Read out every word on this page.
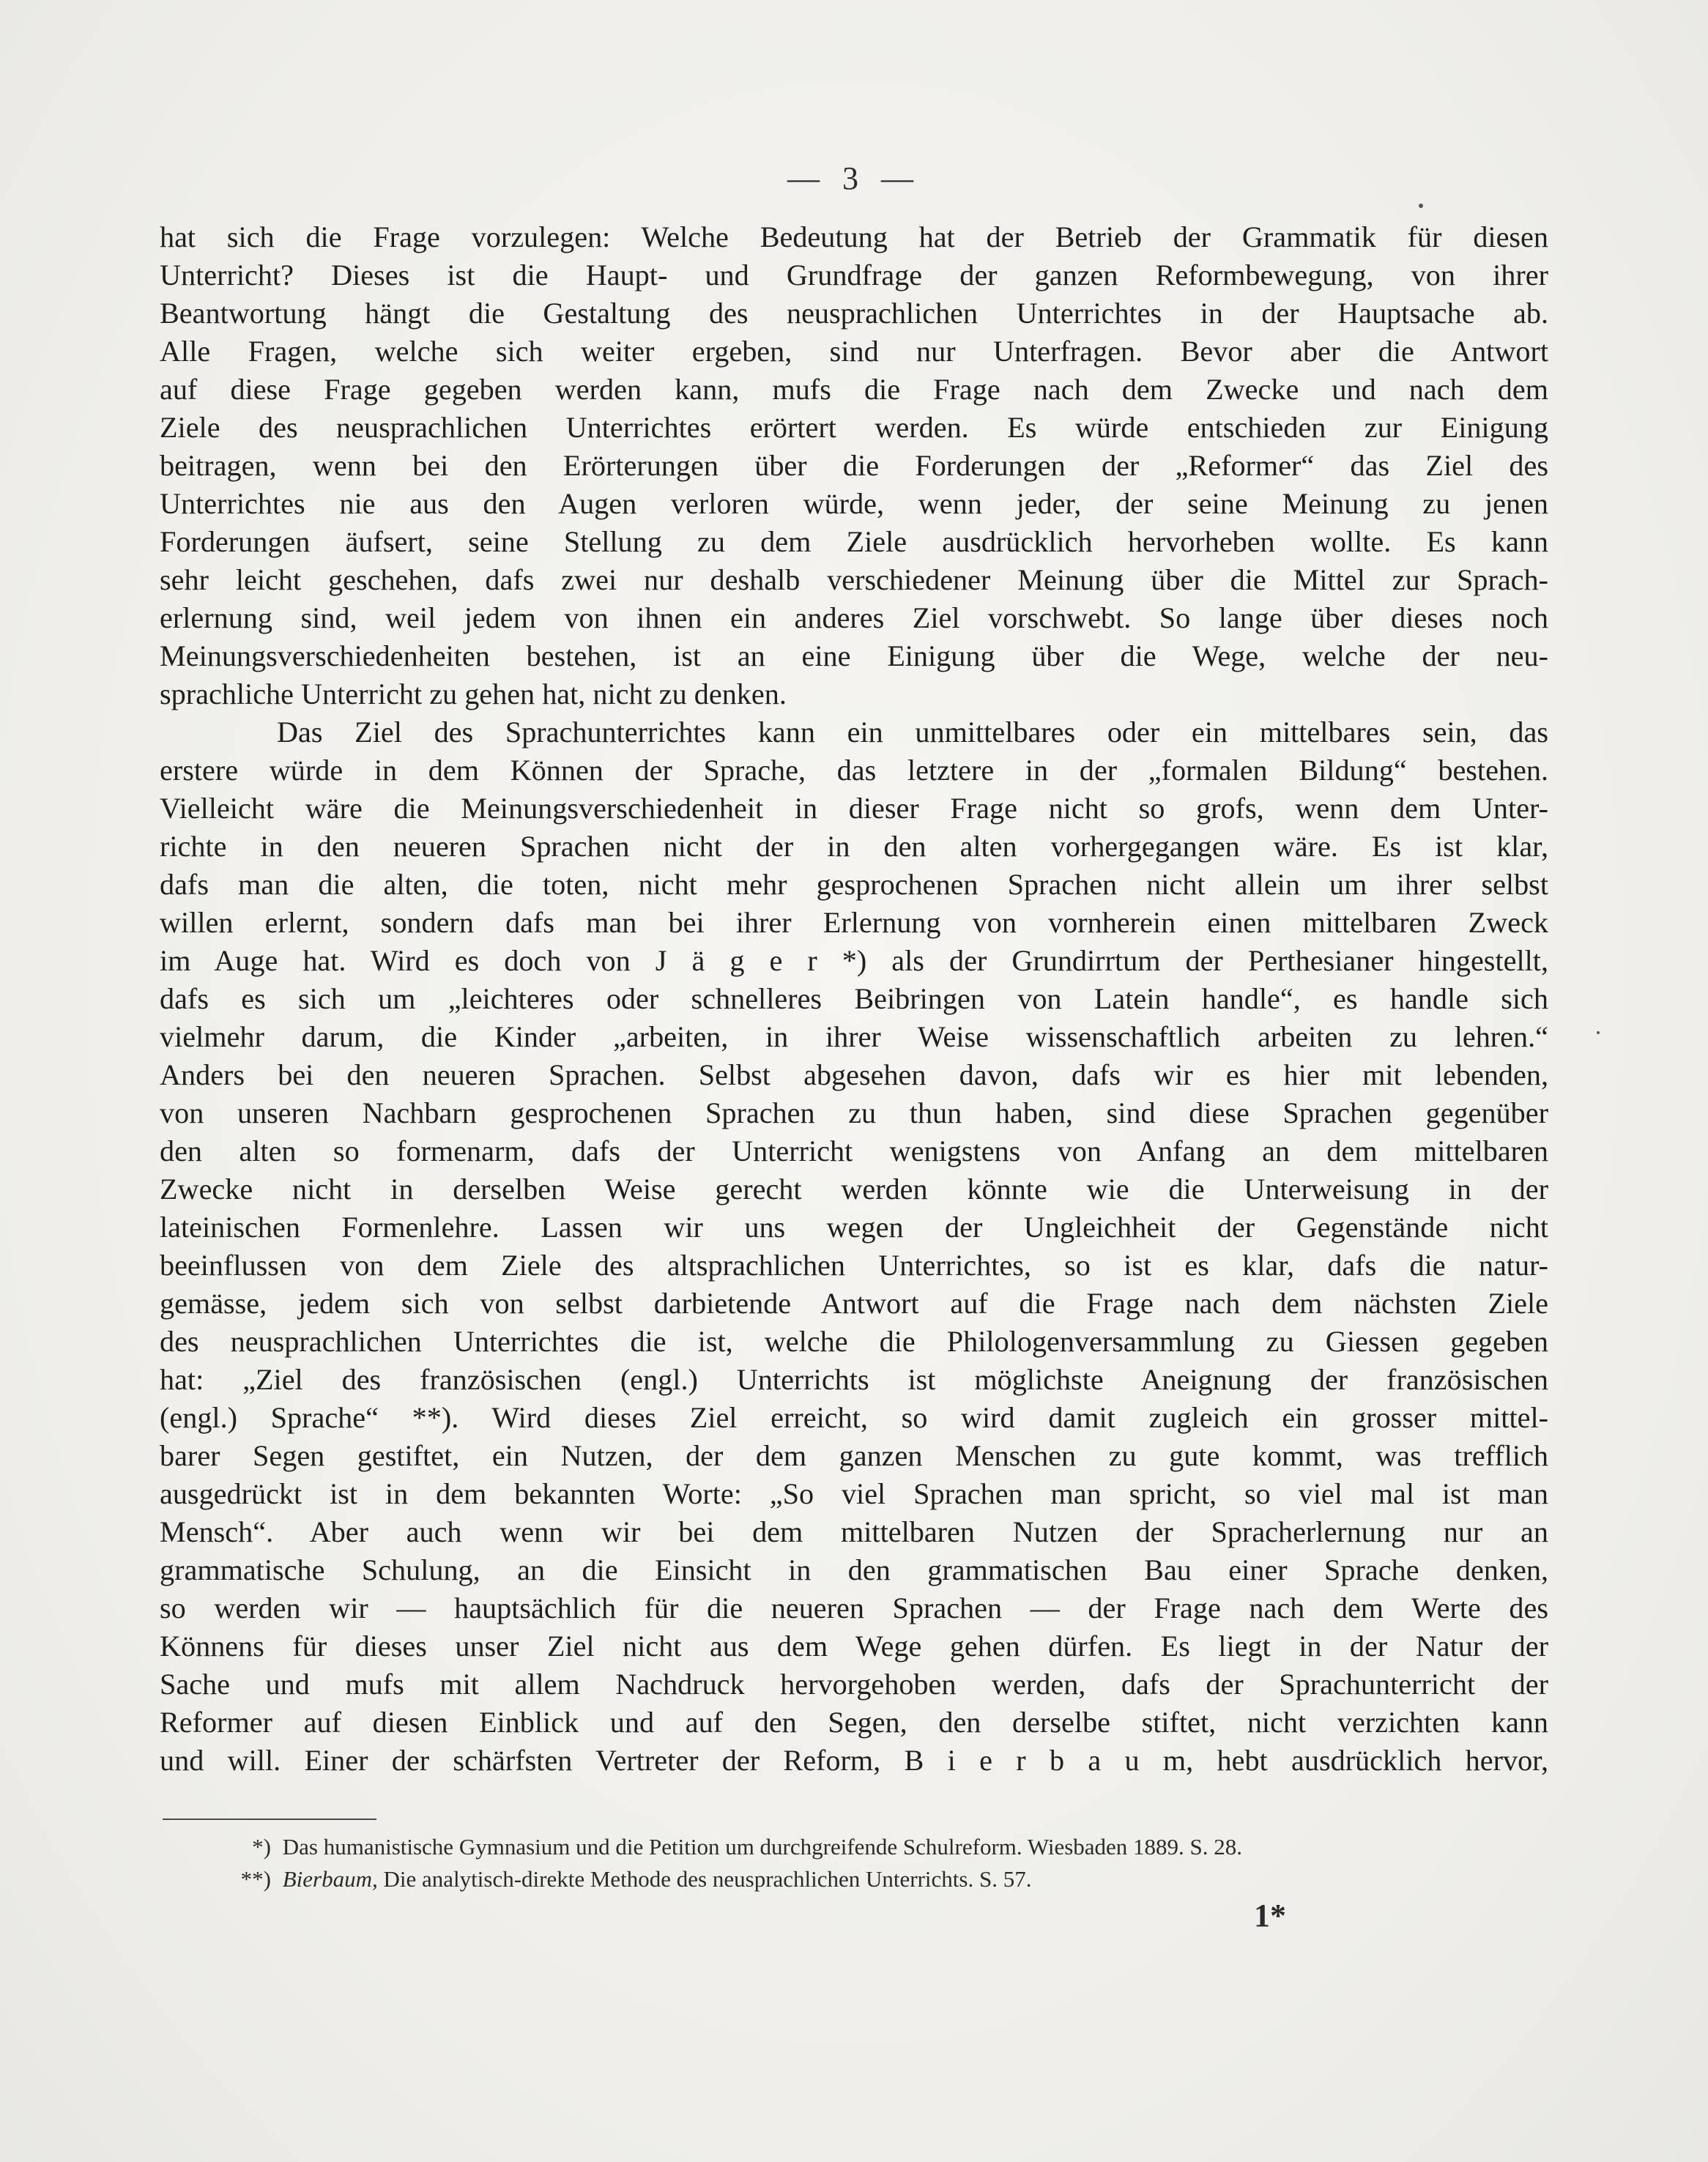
— 3 —

hat sich die Frage vorzulegen: Welche Bedeutung hat der Betrieb der Grammatik für diesen
Unterricht? Dieses ist die Haupt- und Grundfrage der ganzen Reformbewegung, von ihrer
Beantwortung hängt die Gestaltung des neusprachlichen Unterrichtes in der Hauptsache ab.
Alle Fragen, welche sich weiter ergeben, sind nur Unterfragen. Bevor aber die Antwort
auf diese Frage gegeben werden kann, mufs die Frage nach dem Zwecke und nach dem
Ziele des neusprachlichen Unterrichtes erörtert werden. Es würde entschieden zur Einigung
beitragen, wenn bei den Erörterungen über die Forderungen der „Reformer“ das Ziel des
Unterrichtes nie aus den Augen verloren würde, wenn jeder, der seine Meinung zu jenen
Forderungen äufsert, seine Stellung zu dem Ziele ausdrücklich hervorheben wollte. Es kann
sehr leicht geschehen, dafs zwei nur deshalb verschiedener Meinung über die Mittel zur Sprach-
erlernung sind, weil jedem von ihnen ein anderes Ziel vorschwebt. So lange über dieses noch
Meinungsverschiedenheiten bestehen, ist an eine Einigung über die Wege, welche der neu-
sprachliche Unterricht zu gehen hat, nicht zu denken.

Das Ziel des Sprachunterrichtes kann ein unmittelbares oder ein mittelbares sein, das
erstere würde in dem Können der Sprache, das letztere in der „formalen Bildung“ bestehen.
Vielleicht wäre die Meinungsverschiedenheit in dieser Frage nicht so grofs, wenn dem Unter-
richte in den neueren Sprachen nicht der in den alten vorhergegangen wäre. Es ist klar,
dafs man die alten, die toten, nicht mehr gesprochenen Sprachen nicht allein um ihrer selbst
willen erlernt, sondern dafs man bei ihrer Erlernung von vornherein einen mittelbaren Zweck
im Auge hat. Wird es doch von J ä g e r *) als der Grundirrtum der Perthesianer hingestellt,
dafs es sich um „leichteres oder schnelleres Beibringen von Latein handle“, es handle sich
vielmehr darum, die Kinder „arbeiten, in ihrer Weise wissenschaftlich arbeiten zu lehren.“
Anders bei den neueren Sprachen. Selbst abgesehen davon, dafs wir es hier mit lebenden,
von unseren Nachbarn gesprochenen Sprachen zu thun haben, sind diese Sprachen gegenüber
den alten so formenarm, dafs der Unterricht wenigstens von Anfang an dem mittelbaren
Zwecke nicht in derselben Weise gerecht werden könnte wie die Unterweisung in der
lateinischen Formenlehre. Lassen wir uns wegen der Ungleichheit der Gegenstände nicht
beeinflussen von dem Ziele des altsprachlichen Unterrichtes, so ist es klar, dafs die natur-
gemässe, jedem sich von selbst darbietende Antwort auf die Frage nach dem nächsten Ziele
des neusprachlichen Unterrichtes die ist, welche die Philologenversammlung zu Giessen gegeben
hat: „Ziel des französischen (engl.) Unterrichts ist möglichste Aneignung der französischen
(engl.) Sprache“ **). Wird dieses Ziel erreicht, so wird damit zugleich ein grosser mittel-
barer Segen gestiftet, ein Nutzen, der dem ganzen Menschen zu gute kommt, was trefflich
ausgedrückt ist in dem bekannten Worte: „So viel Sprachen man spricht, so viel mal ist man
Mensch“. Aber auch wenn wir bei dem mittelbaren Nutzen der Spracherlernung nur an
grammatische Schulung, an die Einsicht in den grammatischen Bau einer Sprache denken,
so werden wir — hauptsächlich für die neueren Sprachen — der Frage nach dem Werte des
Könnens für dieses unser Ziel nicht aus dem Wege gehen dürfen. Es liegt in der Natur der
Sache und mufs mit allem Nachdruck hervorgehoben werden, dafs der Sprachunterricht der
Reformer auf diesen Einblick und auf den Segen, den derselbe stiftet, nicht verzichten kann
und will. Einer der schärfsten Vertreter der Reform, B i e r b a u m, hebt ausdrücklich hervor,

*) Das humanistische Gymnasium und die Petition um durchgreifende Schulreform. Wiesbaden 1889. S. 28.
**) Bierbaum, Die analytisch-direkte Methode des neusprachlichen Unterrichts. S. 57.
1*
